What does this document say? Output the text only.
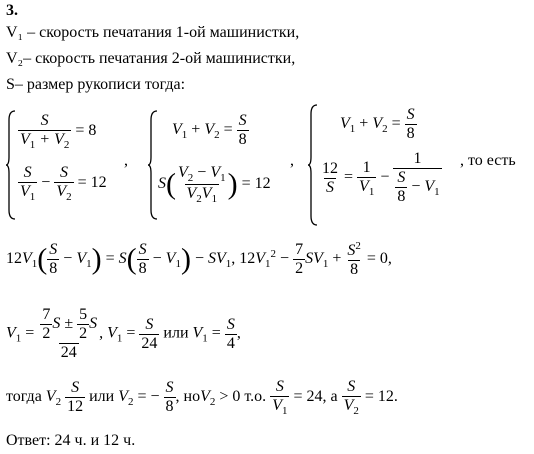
3.
V₁ – скорость печатания 1-ой машинистки,
V₂– скорость печатания 2-ой машинистки,
S– размер рукописи тогда:
$\frac{S}{V_1 + V_2} = 8$
$\frac{S}{V_1} - \frac{S}{V_2} = 12$
,
$V_1 + V_2 = \frac{S}{8}$
$S( \frac{V_2 - V_1}{V_2V_1}$ ) = 12
,
$V_1 + V_2 = \frac{S}{8}$
$\frac{12}{S} = \frac{1}{V_1} - \frac{1}{\frac{S}{8} - V_1}$ , то есть
$12V_1( \frac{S}{8} - V_1) = S( \frac{S}{8} - V_1) - SV_1$, $12V_1^2 - \frac{7}{2} SV_1 + \frac{S^2}{8} = 0$,
$V_1 = \frac{\frac{7}{2} S \pm \frac{5}{2} S}{24}$ , $V_1 = \frac{S}{24}$ или $V_1 = \frac{S}{4}$ ,
тогда $V_2 \frac{S}{12}$ или $V_2$ = − $\frac{S}{8}$ , ноV$_2$ > 0 т.о. $\frac{S}{V_1} = 24$, а $\frac{S}{V_2} = 12$.
Ответ: 24 ч. и 12 ч.
